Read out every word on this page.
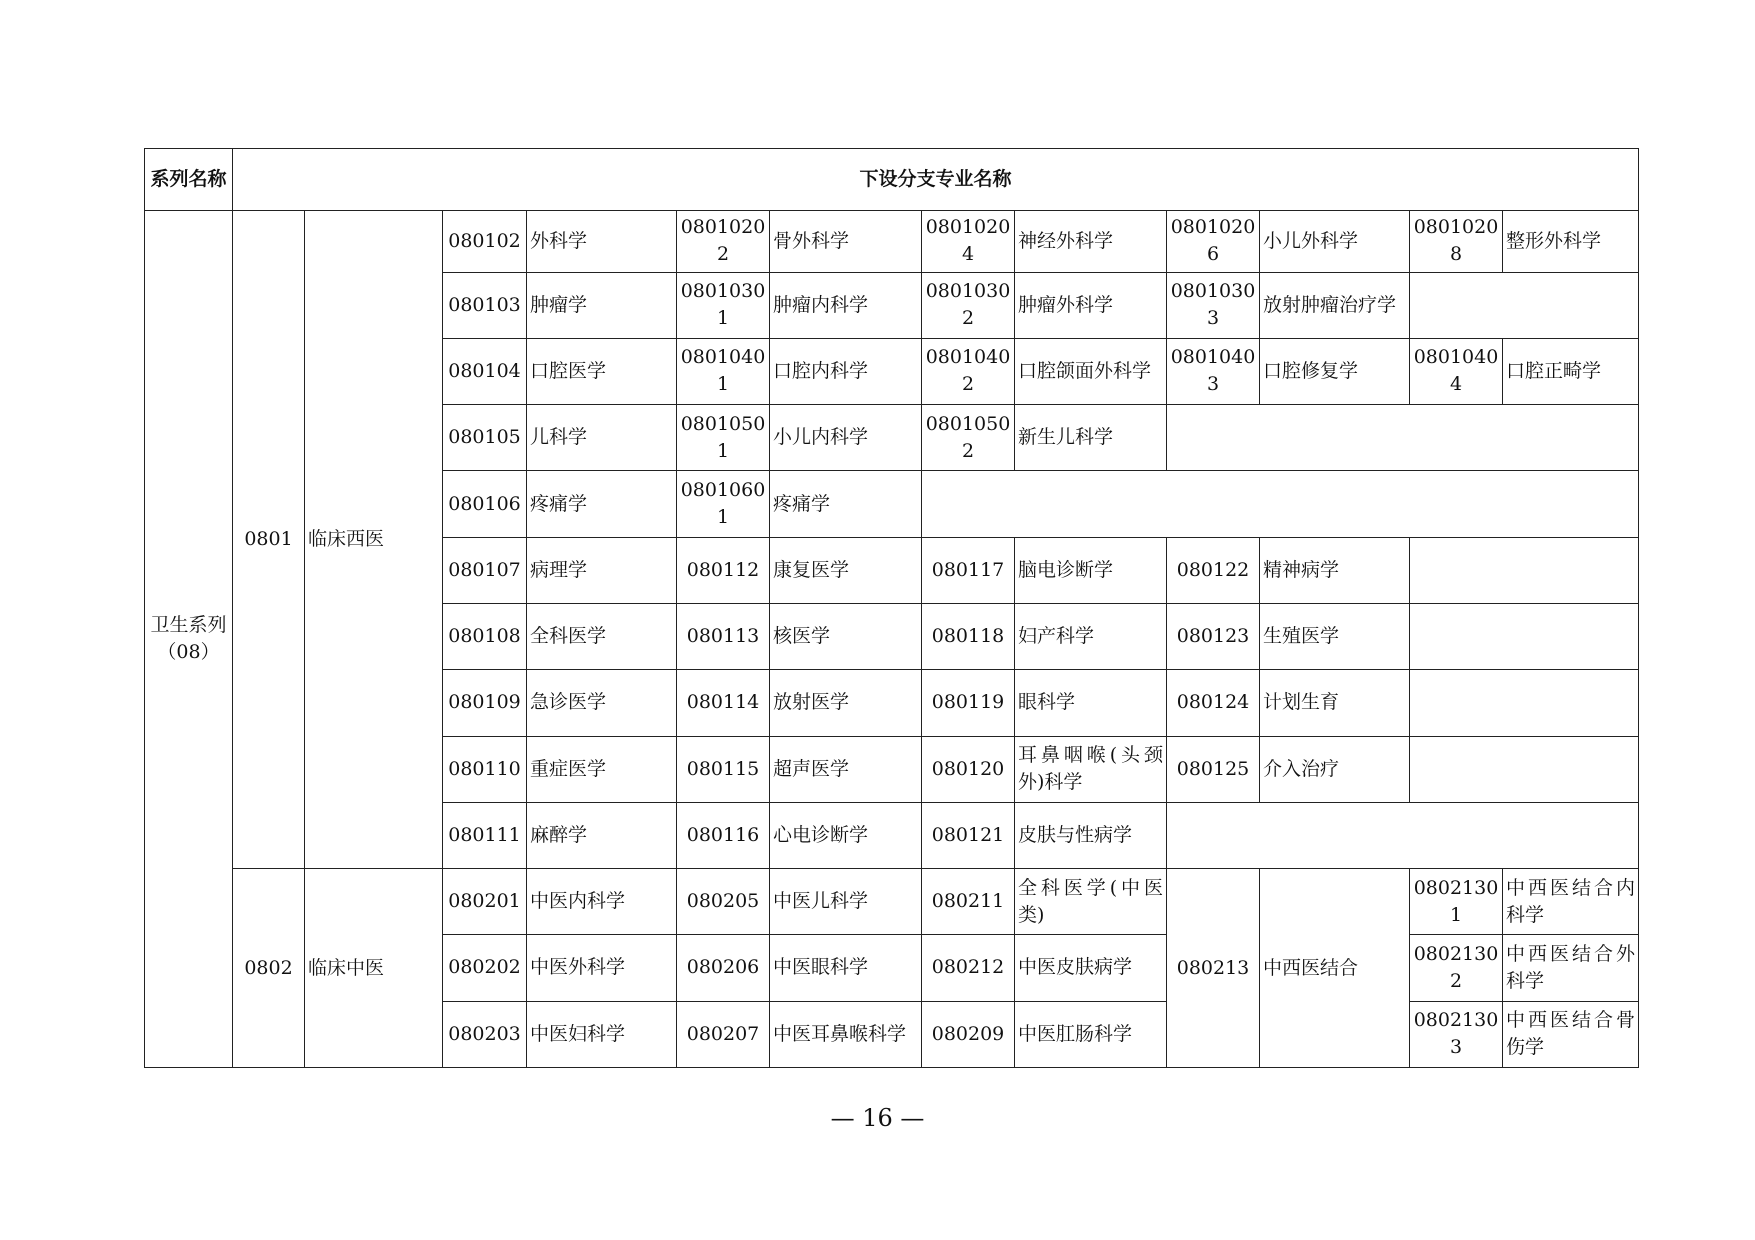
系列名称	下设分支专业名称											
卫生系列（08）	0801	临床西医	080102	外科学	08010202	骨外科学	08010204	神经外科学	08010206	小儿外科学	08010208	整形外科学
			080103	肿瘤学	08010301	肿瘤内科学	08010302	肿瘤外科学	08010303	放射肿瘤治疗学		
			080104	口腔医学	08010401	口腔内科学	08010402	口腔颌面外科学	08010403	口腔修复学	08010404	口腔正畸学
			080105	儿科学	08010501	小儿内科学	08010502	新生儿科学				
			080106	疼痛学	08010601	疼痛学						
			080107	病理学	080112	康复医学	080117	脑电诊断学	080122	精神病学		
			080108	全科医学	080113	核医学	080118	妇产科学	080123	生殖医学		
			080109	急诊医学	080114	放射医学	080119	眼科学	080124	计划生育		
			080110	重症医学	080115	超声医学	080120	耳鼻咽喉(头颈外)科学	080125	介入治疗		
			080111	麻醉学	080116	心电诊断学	080121	皮肤与性病学				
	0802	临床中医	080201	中医内科学	080205	中医儿科学	080211	全科医学(中医类)	080213	中西医结合	08021301	中西医结合内科学
			080202	中医外科学	080206	中医眼科学	080212	中医皮肤病学			08021302	中西医结合外科学
			080203	中医妇科学	080207	中医耳鼻喉科学	080209	中医肛肠科学			08021303	中西医结合骨伤学
— 16 —
